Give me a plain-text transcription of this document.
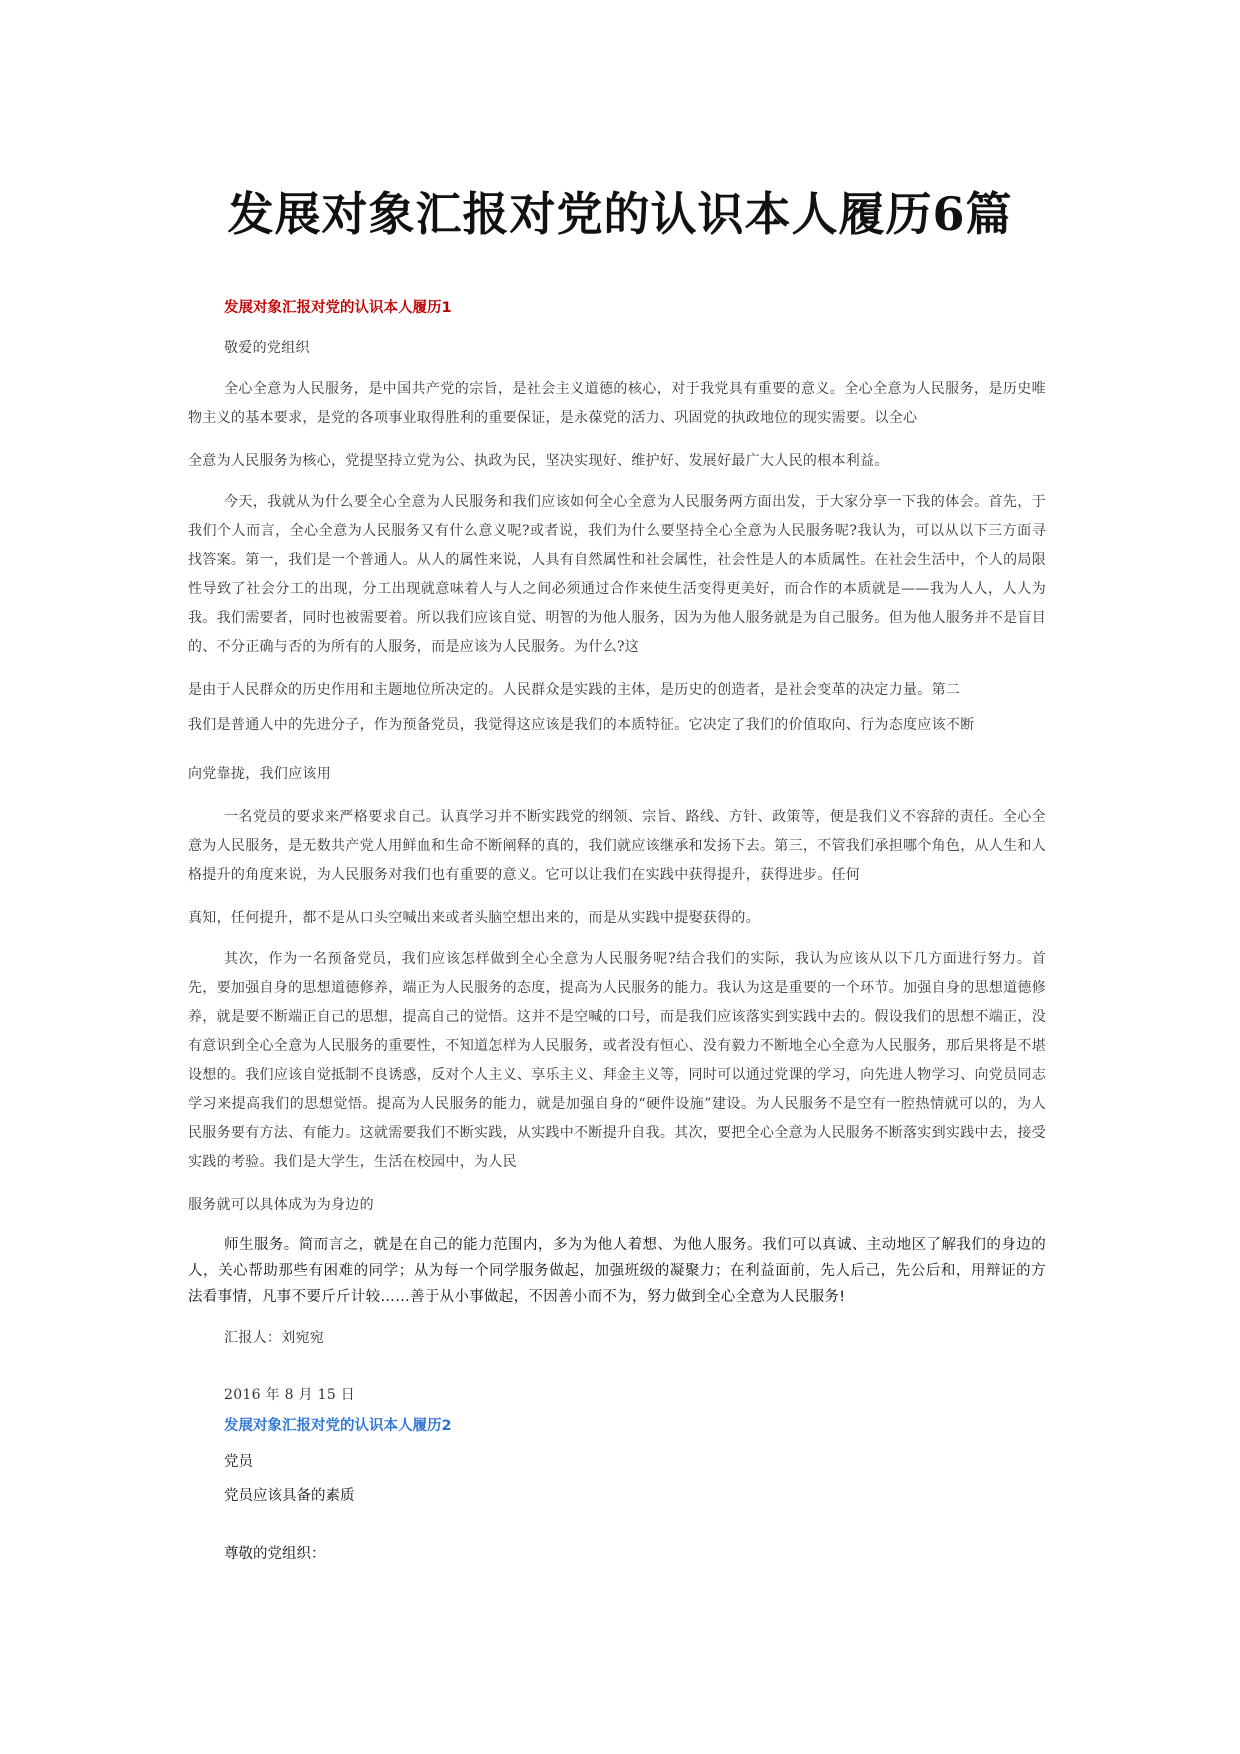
发展对象汇报对党的认识本人履历6篇
发展对象汇报对党的认识本人履历1

敬爱的党组织

全心全意为人民服务，是中国共产党的宗旨，是社会主义道德的核心，对于我党具有重要的意义。全心全意为人民服务，是历史唯物主义的基本要求，是党的各项事业取得胜利的重要保证，是永葆党的活力、巩固党的执政地位的现实需要。以全心

全意为人民服务为核心，党提坚持立党为公、执政为民，坚决实现好、维护好、发展好最广大人民的根本利益。

今天，我就从为什么要全心全意为人民服务和我们应该如何全心全意为人民服务两方面出发，于大家分享一下我的体会。首先，于我们个人而言，全心全意为人民服务又有什么意义呢?或者说，我们为什么要坚持全心全意为人民服务呢?我认为，可以从以下三方面寻找答案。第一，我们是一个普通人。从人的属性来说，人具有自然属性和社会属性，社会性是人的本质属性。在社会生活中，个人的局限性导致了社会分工的出现，分工出现就意味着人与人之间必须通过合作来使生活变得更美好，而合作的本质就是——我为人人，人人为我。我们需要者，同时也被需要着。所以我们应该自觉、明智的为他人服务，因为为他人服务就是为自己服务。但为他人服务并不是盲目的、不分正确与否的为所有的人服务，而是应该为人民服务。为什么?这

是由于人民群众的历史作用和主题地位所决定的。人民群众是实践的主体，是历史的创造者，是社会变革的决定力量。第二

我们是普通人中的先进分子，作为预备党员，我觉得这应该是我们的本质特征。它决定了我们的价值取向、行为态度应该不断

向党靠拢，我们应该用

一名党员的要求来严格要求自己。认真学习并不断实践党的纲领、宗旨、路线、方针、政策等，便是我们义不容辞的责任。全心全意为人民服务，是无数共产党人用鲜血和生命不断阐释的真的，我们就应该继承和发扬下去。第三，不管我们承担哪个角色，从人生和人格提升的角度来说，为人民服务对我们也有重要的意义。它可以让我们在实践中获得提升，获得进步。任何

真知，任何提升，都不是从口头空喊出来或者头脑空想出来的，而是从实践中提娶获得的。

其次，作为一名预备党员，我们应该怎样做到全心全意为人民服务呢?结合我们的实际，我认为应该从以下几方面进行努力。首先，要加强自身的思想道德修养，端正为人民服务的态度，提高为人民服务的能力。我认为这是重要的一个环节。加强自身的思想道德修养，就是要不断端正自己的思想，提高自己的觉悟。这并不是空喊的口号，而是我们应该落实到实践中去的。假设我们的思想不端正，没有意识到全心全意为人民服务的重要性，不知道怎样为人民服务，或者没有恒心、没有毅力不断地全心全意为人民服务，那后果将是不堪设想的。我们应该自觉抵制不良诱惑，反对个人主义、享乐主义、拜金主义等，同时可以通过党课的学习，向先进人物学习、向党员同志学习来提高我们的思想觉悟。提高为人民服务的能力，就是加强自身的“硬件设施”建设。为人民服务不是空有一腔热情就可以的，为人民服务要有方法、有能力。这就需要我们不断实践，从实践中不断提升自我。其次，要把全心全意为人民服务不断落实到实践中去，接受实践的考验。我们是大学生，生活在校园中，为人民

服务就可以具体成为为身边的

师生服务。简而言之，就是在自己的能力范围内，多为为他人着想、为他人服务。我们可以真诚、主动地区了解我们的身边的人，关心帮助那些有困难的同学；从为每一个同学服务做起，加强班级的凝聚力；在利益面前，先人后己，先公后和，用辩证的方法看事情，凡事不要斤斤计较……善于从小事做起，不因善小而不为，努力做到全心全意为人民服务!

汇报人：刘宛宛

2016 年 8 月 15 日

发展对象汇报对党的认识本人履历2
党员
党员应该具备的素质
尊敬的党组织：
